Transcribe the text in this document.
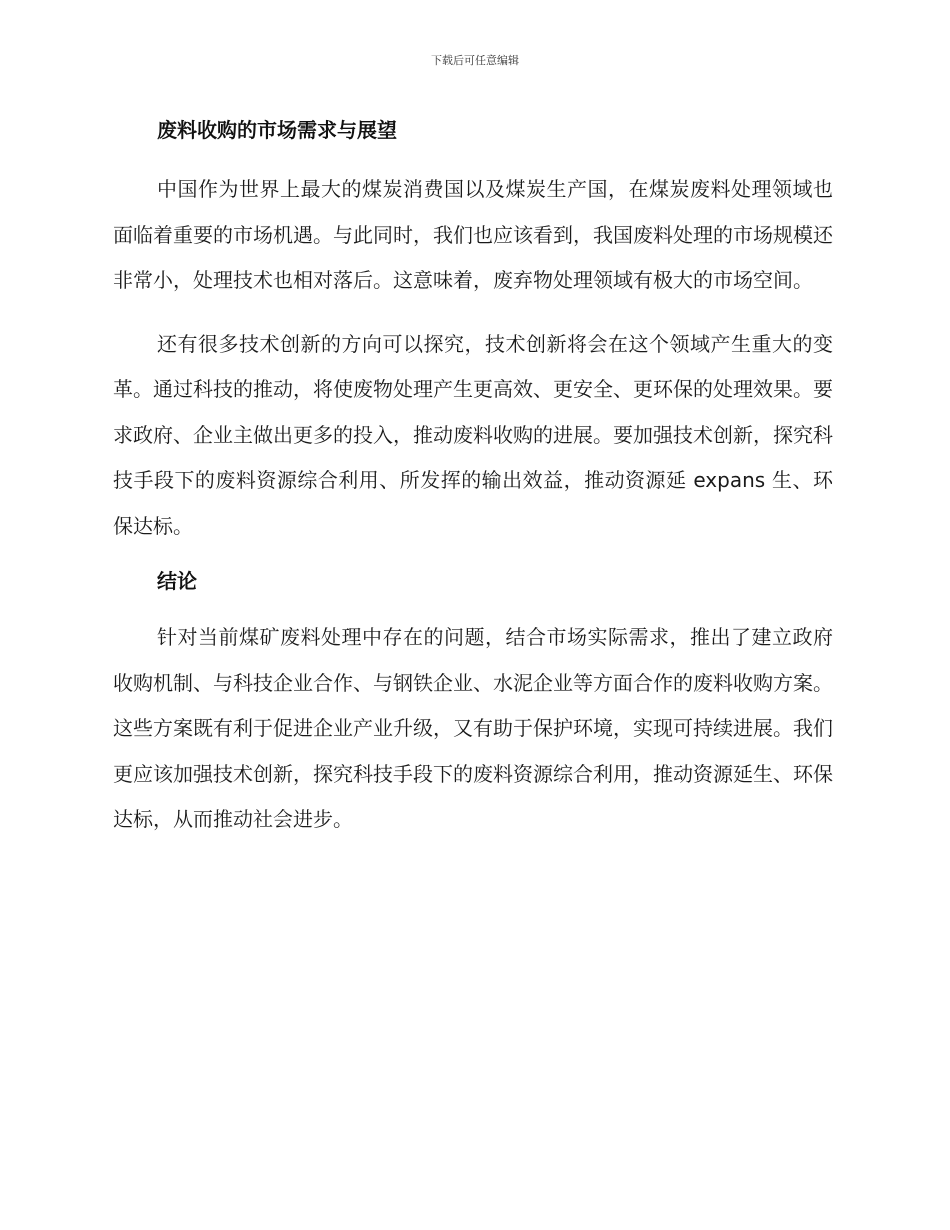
下载后可任意编辑
废料收购的市场需求与展望

中国作为世界上最大的煤炭消费国以及煤炭生产国，在煤炭废料处理领域也面临着重要的市场机遇。与此同时，我们也应该看到，我国废料处理的市场规模还非常小，处理技术也相对落后。这意味着，废弃物处理领域有极大的市场空间。

还有很多技术创新的方向可以探究，技术创新将会在这个领域产生重大的变革。通过科技的推动，将使废物处理产生更高效、更安全、更环保的处理效果。要求政府、企业主做出更多的投入，推动废料收购的进展。要加强技术创新，探究科技手段下的废料资源综合利用、所发挥的输出效益，推动资源延 expans 生、环保达标。

结论

针对当前煤矿废料处理中存在的问题，结合市场实际需求，推出了建立政府收购机制、与科技企业合作、与钢铁企业、水泥企业等方面合作的废料收购方案。这些方案既有利于促进企业产业升级，又有助于保护环境，实现可持续进展。我们更应该加强技术创新，探究科技手段下的废料资源综合利用，推动资源延生、环保达标，从而推动社会进步。
